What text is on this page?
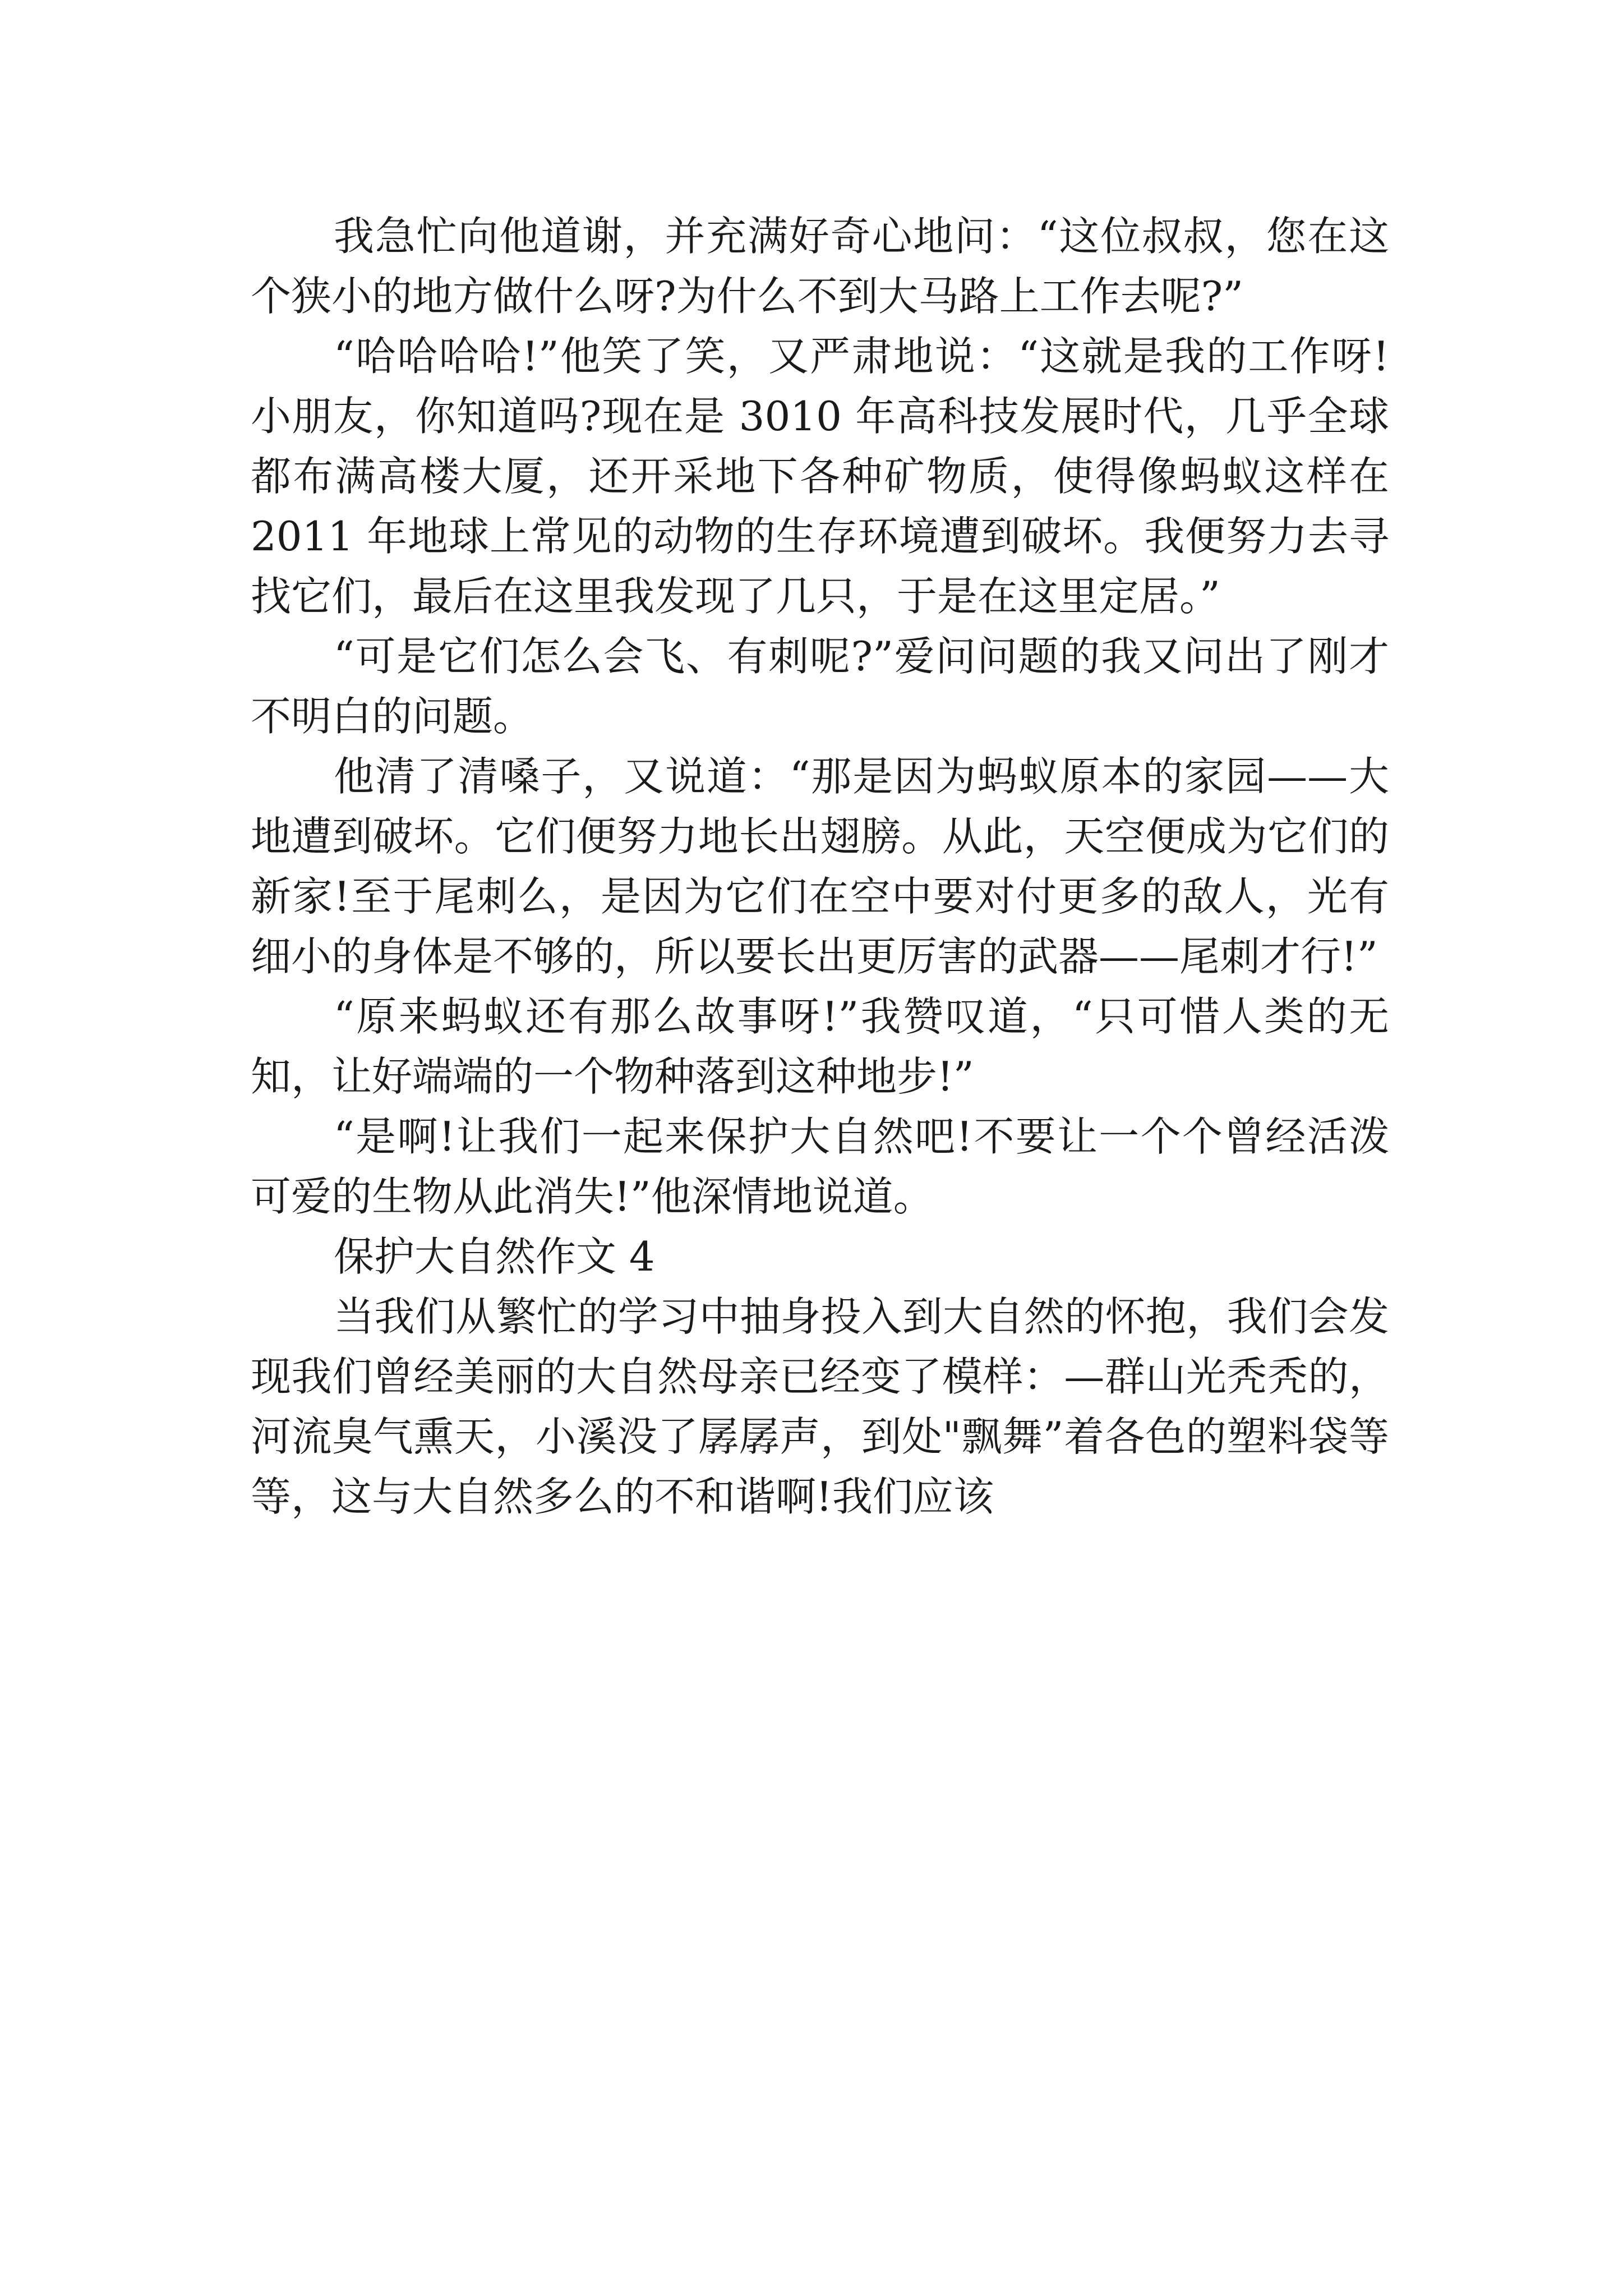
我急忙向他道谢，并充满好奇心地问：“这位叔叔，您在这个狭小的地方做什么呀?为什么不到大马路上工作去呢?”

“哈哈哈哈!”他笑了笑，又严肃地说：“这就是我的工作呀!小朋友，你知道吗?现在是 3010 年高科技发展时代，几乎全球都布满高楼大厦，还开采地下各种矿物质，使得像蚂蚁这样在 2011 年地球上常见的动物的生存环境遭到破坏。我便努力去寻找它们，最后在这里我发现了几只，于是在这里定居。”

“可是它们怎么会飞、有刺呢?”爱问问题的我又问出了刚才不明白的问题。

他清了清嗓子，又说道：“那是因为蚂蚁原本的家园——大地遭到破坏。它们便努力地长出翅膀。从此，天空便成为它们的新家!至于尾刺么，是因为它们在空中要对付更多的敌人，光有细小的身体是不够的，所以要长出更厉害的武器——尾刺才行!”

“原来蚂蚁还有那么故事呀!”我赞叹道，“只可惜人类的无知，让好端端的一个物种落到这种地步!”

“是啊!让我们一起来保护大自然吧!不要让一个个曾经活泼可爱的生物从此消失!”他深情地说道。

保护大自然作文 4

当我们从繁忙的学习中抽身投入到大自然的怀抱，我们会发现我们曾经美丽的大自然母亲已经变了模样：—群山光秃秃的，河流臭气熏天，小溪没了孱孱声，到处"飘舞”着各色的塑料袋等等，这与大自然多么的不和谐啊!我们应该
